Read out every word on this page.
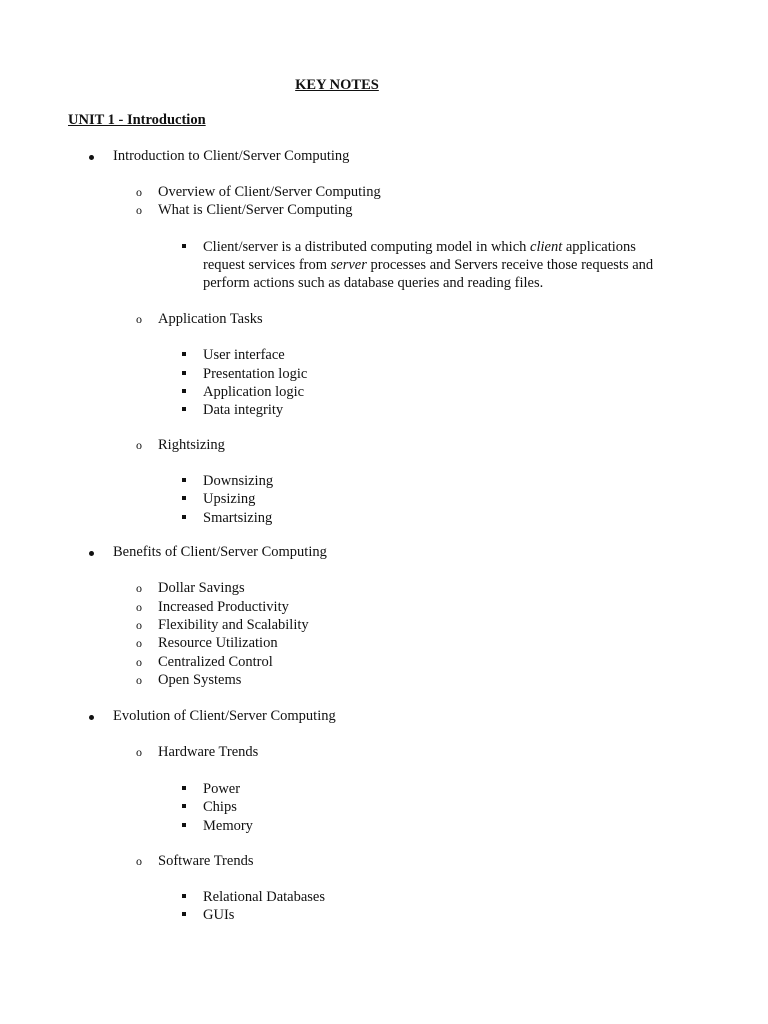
KEY NOTES
UNIT 1 - Introduction
Introduction to Client/Server Computing
o Overview of Client/Server Computing
o What is Client/Server Computing
Client/server is a distributed computing model in which client applications request services from server processes and Servers receive those requests and perform actions such as database queries and reading files.
o Application Tasks
User interface
Presentation logic
Application logic
Data integrity
o Rightsizing
Downsizing
Upsizing
Smartsizing
Benefits of Client/Server Computing
o Dollar Savings
o Increased Productivity
o Flexibility and Scalability
o Resource Utilization
o Centralized Control
o Open Systems
Evolution of Client/Server Computing
o Hardware Trends
Power
Chips
Memory
o Software Trends
Relational Databases
GUIs
